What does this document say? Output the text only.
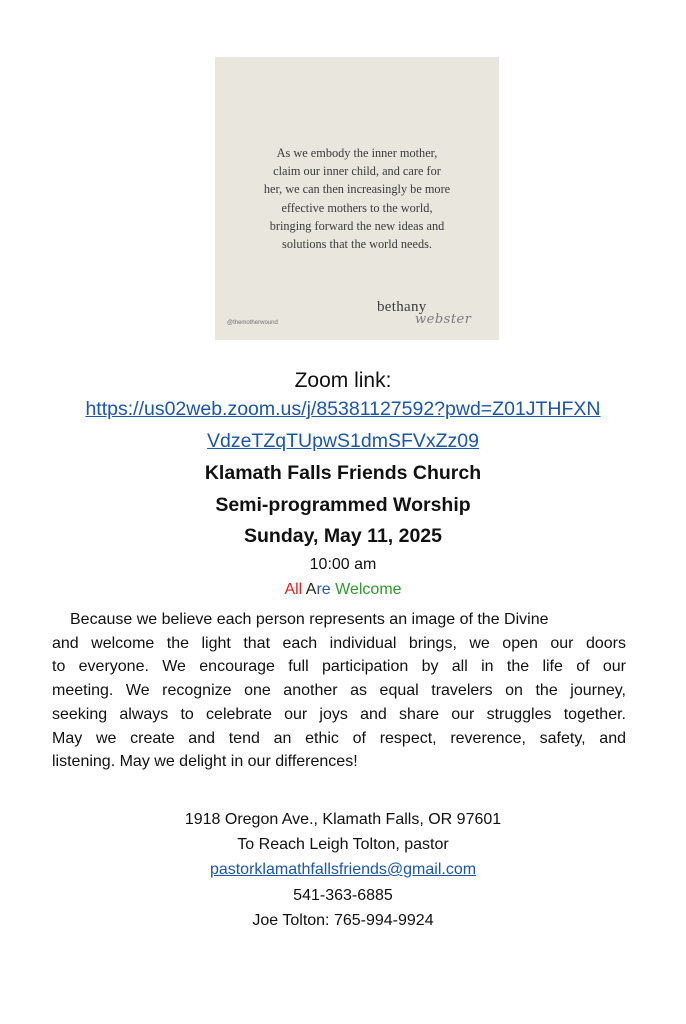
As we embody the inner mother,
claim our inner child, and care for
her, we can then increasingly be more
effective mothers to the world,
bringing forward the new ideas and
solutions that the world needs.

@themotherwound
bethany
webster
Zoom link:
https://us02web.zoom.us/j/85381127592?pwd=Z01JTHFXN
VdzeTZqTUpwS1dmSFVxZz09
Klamath Falls Friends Church
Semi-programmed Worship
Sunday, May 11, 2025
10:00 am
All Are Welcome

Because we believe each person represents an image of the Divine
and welcome the light that each individual brings, we open our doors
to everyone. We encourage full participation by all in the life of our
meeting. We recognize one another as equal travelers on the journey,
seeking always to celebrate our joys and share our struggles together.
May we create and tend an ethic of respect, reverence, safety, and
listening. May we delight in our differences!

1918 Oregon Ave., Klamath Falls, OR 97601
To Reach Leigh Tolton, pastor
pastorklamathfallsfriends@gmail.com
541-363-6885
Joe Tolton: 765-994-9924
